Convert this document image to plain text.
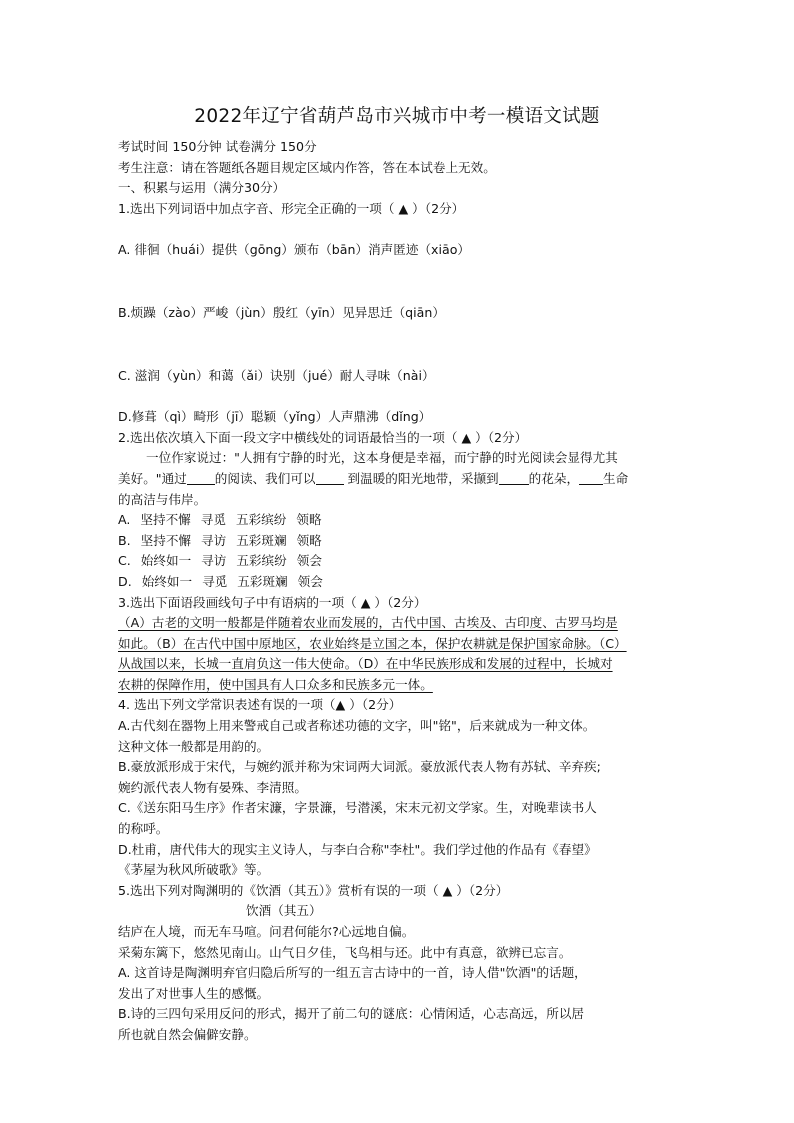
2022年辽宁省葫芦岛市兴城市中考一模语文试题
考试时间 150分钟 试卷满分 150分
考生注意：请在答题纸各题目规定区域内作答，答在本试卷上无效。
一、积累与运用（满分30分）
1.选出下列词语中加点字音、形完全正确的一项（ ▲ ）（2分）
A. 徘徊（huái）提供（gōng）颁布（bān）消声匿迹（xiāo）
B.烦躁（zào）严峻（jùn）殷红（yīn）见异思迁（qiān）
C. 滋润（yùn）和蔼（ǎi）诀别（jué）耐人寻味（nài）
D.修葺（qì）畸形（jī）聪颖（yǐng）人声鼎沸（dǐng）
2.选出依次填入下面一段文字中横线处的词语最恰当的一项（ ▲ ）（2分）
一位作家说过："人拥有宁静的时光，这本身便是幸福，而宁静的时光阅读会显得尤其
美好。"通过 的阅读、我们可以 到温暖的阳光地带，采撷到 的花朵， 生命
的高洁与伟岸。
A. 坚持不懈 寻觅 五彩缤纷 领略
B. 坚持不懈 寻访 五彩斑斓 领略
C. 始终如一 寻访 五彩缤纷 领会
D. 始终如一 寻觅 五彩斑斓 领会
3.选出下面语段画线句子中有语病的一项（ ▲ ）（2分）
（A）古老的文明一般都是伴随着农业而发展的，古代中国、古埃及、古印度、古罗马均是
如此。（B）在古代中国中原地区，农业始终是立国之本，保护农耕就是保护国家命脉。（C）
从战国以来，长城一直肩负这一伟大使命。（D）在中华民族形成和发展的过程中，长城对
农耕的保障作用，使中国具有人口众多和民族多元一体。
4. 选出下列文学常识表述有误的一项（▲ ）（2分）
A.古代刻在器物上用来警戒自己或者称述功德的文字，叫"铭"，后来就成为一种文体。
这种文体一般都是用韵的。
B.豪放派形成于宋代，与婉约派并称为宋词两大词派。豪放派代表人物有苏轼、辛弃疾;
婉约派代表人物有晏殊、李清照。
C.《送东阳马生序》作者宋濂，字景濂，号潜溪，宋末元初文学家。生，对晚辈读书人
的称呼。
D.杜甫，唐代伟大的现实主义诗人，与李白合称"李杜"。我们学过他的作品有《春望》
《茅屋为秋风所破歌》等。
5.选出下列对陶渊明的《饮酒（其五）》赏析有误的一项（ ▲ ）（2分）
饮酒（其五）
结庐在人境，而无车马喧。问君何能尔?心远地自偏。
采菊东篱下，悠然见南山。山气日夕佳，飞鸟相与还。此中有真意，欲辨已忘言。
A. 这首诗是陶渊明弃官归隐后所写的一组五言古诗中的一首，诗人借"饮酒"的话题，
发出了对世事人生的感慨。
B.诗的三四句采用反问的形式，揭开了前二句的谜底：心情闲适，心志高远，所以居
所也就自然会偏僻安静。
